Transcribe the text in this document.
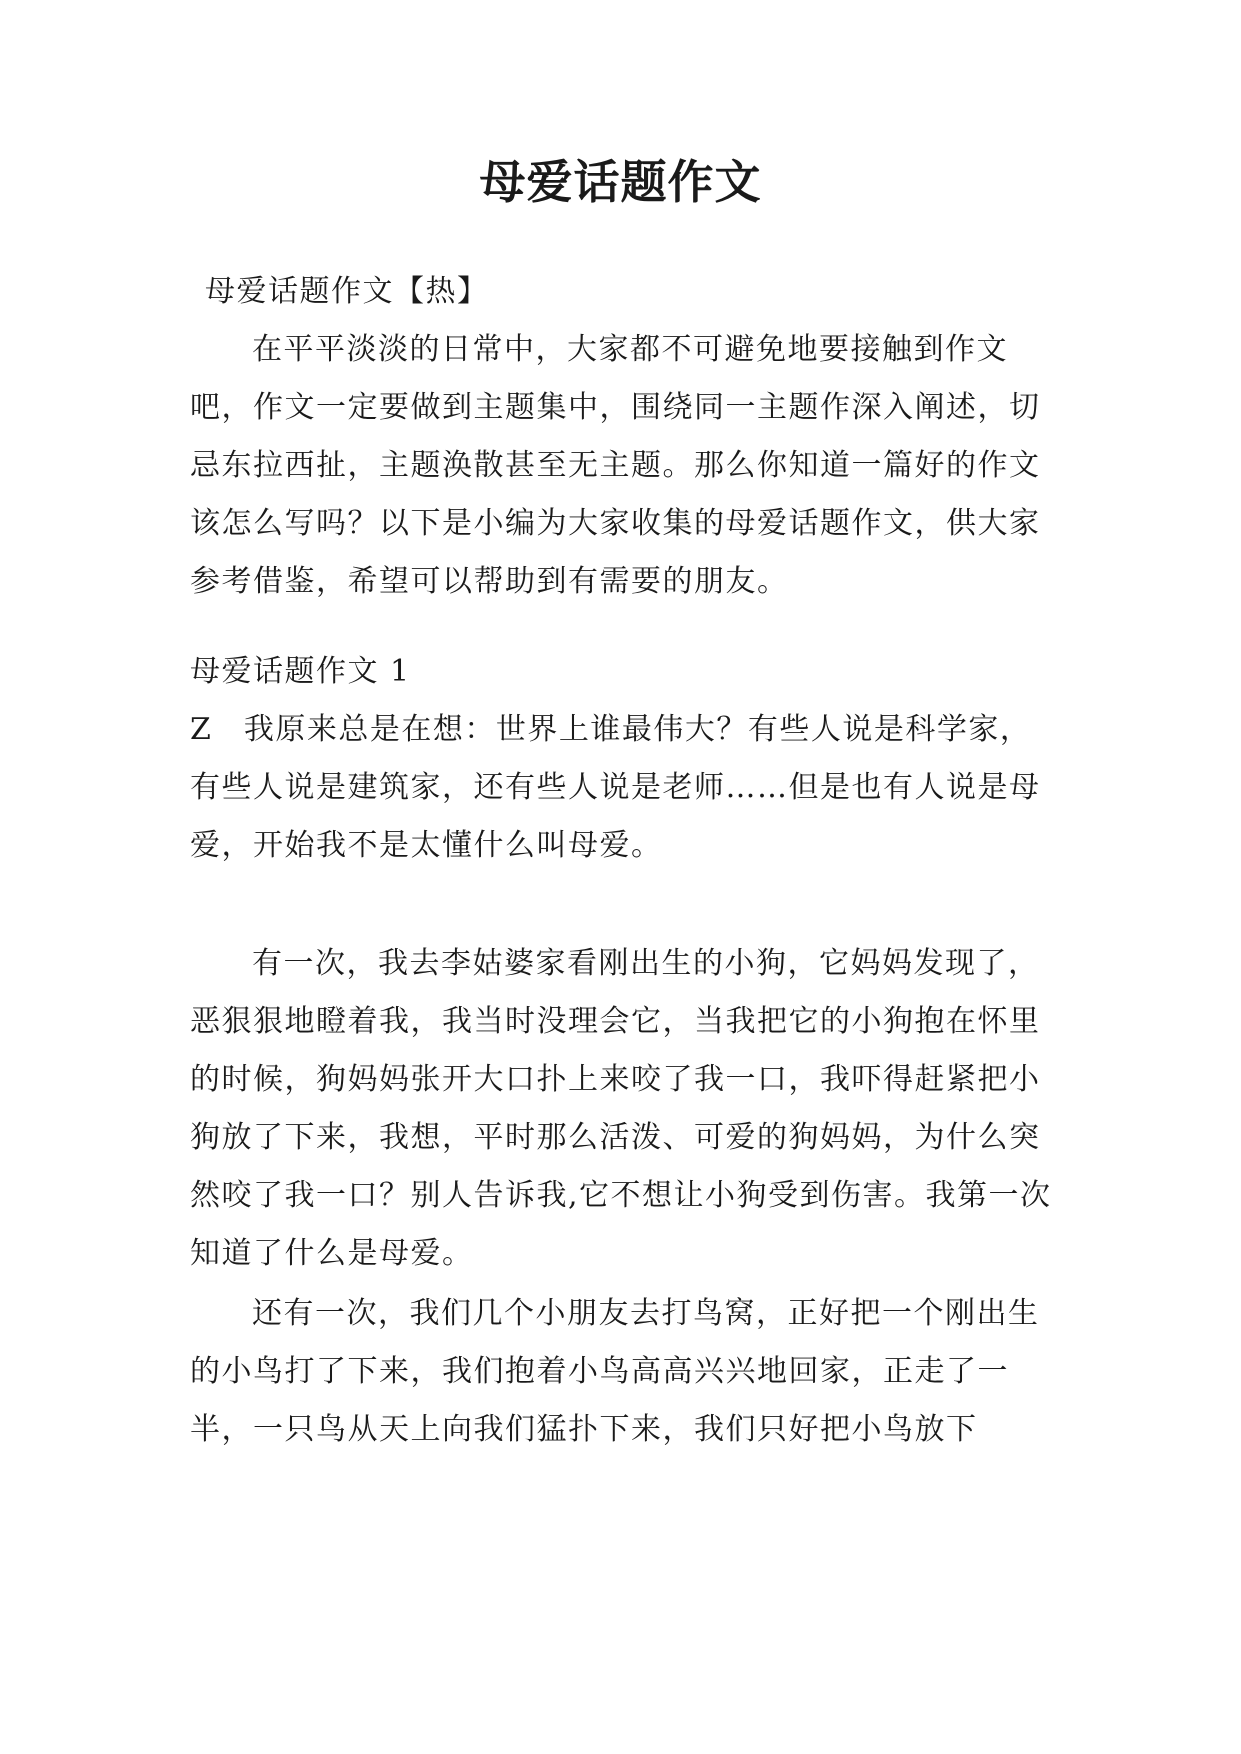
母爱话题作文
母爱话题作文【热】

在平平淡淡的日常中，大家都不可避免地要接触到作文吧，作文一定要做到主题集中，围绕同一主题作深入阐述，切忌东拉西扯，主题涣散甚至无主题。那么你知道一篇好的作文该怎么写吗？以下是小编为大家收集的母爱话题作文，供大家参考借鉴，希望可以帮助到有需要的朋友。

母爱话题作文 1

Z　我原来总是在想：世界上谁最伟大？有些人说是科学家，有些人说是建筑家，还有些人说是老师……但是也有人说是母爱，开始我不是太懂什么叫母爱。

有一次，我去李姑婆家看刚出生的小狗，它妈妈发现了，恶狠狠地瞪着我，我当时没理会它，当我把它的小狗抱在怀里的时候，狗妈妈张开大口扑上来咬了我一口，我吓得赶紧把小狗放了下来，我想，平时那么活泼、可爱的狗妈妈，为什么突然咬了我一口？别人告诉我,它不想让小狗受到伤害。我第一次知道了什么是母爱。

还有一次，我们几个小朋友去打鸟窝，正好把一个刚出生的小鸟打了下来，我们抱着小鸟高高兴兴地回家，正走了一半，一只鸟从天上向我们猛扑下来，我们只好把小鸟放下
